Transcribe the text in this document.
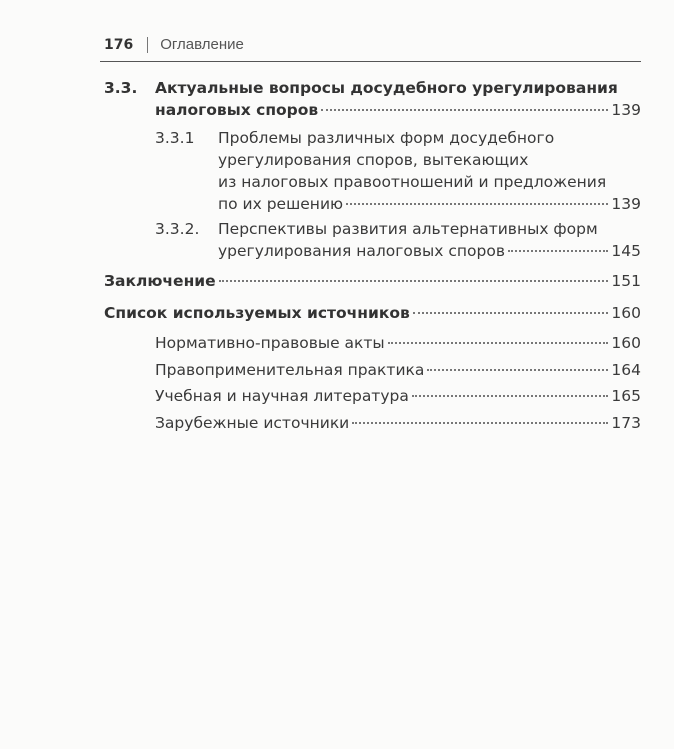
176 Оглавление
3.3. Актуальные вопросы досудебного урегулирования
налоговых споров	139
3.3.1 Проблемы различных форм досудебного
урегулирования споров, вытекающих
из налоговых правоотношений и предложения
по их решению	139
3.3.2. Перспективы развития альтернативных форм
урегулирования налоговых споров	145
Заключение	151
Список используемых источников	160
Нормативно-правовые акты	160
Правоприменительная практика	164
Учебная и научная литература	165
Зарубежные источники	173
